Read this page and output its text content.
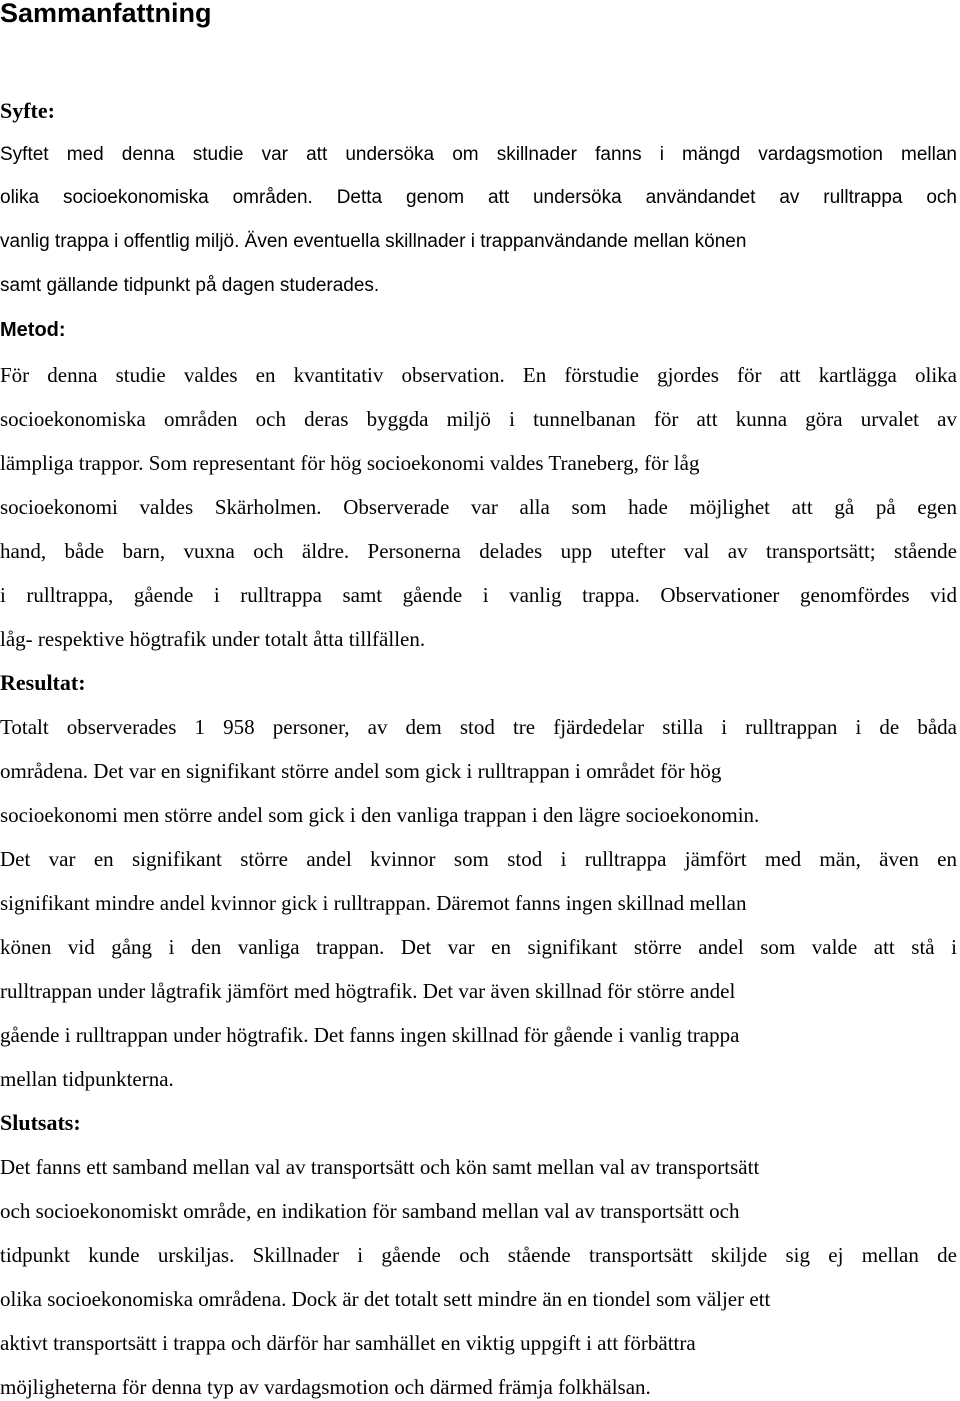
Sammanfattning
Syfte:

Syftet med denna studie var att undersöka om skillnader fanns i mängd vardagsmotion mellan

olika socioekonomiska områden. Detta genom att undersöka användandet av rulltrappa och

vanlig trappa i offentlig miljö. Även eventuella skillnader i trappanvändande mellan könen

samt gällande tidpunkt på dagen studerades.

Metod:

För denna studie valdes en kvantitativ observation. En förstudie gjordes för att kartlägga olika

socioekonomiska områden och deras byggda miljö i tunnelbanan för att kunna göra urvalet av

lämpliga trappor. Som representant för hög socioekonomi valdes Traneberg, för låg

socioekonomi valdes Skärholmen. Observerade var alla som hade möjlighet att gå på egen

hand, både barn, vuxna och äldre. Personerna delades upp utefter val av transportsätt; stående

i rulltrappa, gående i rulltrappa samt gående i vanlig trappa. Observationer genomfördes vid

låg- respektive högtrafik under totalt åtta tillfällen.

Resultat:

Totalt observerades 1 958 personer, av dem stod tre fjärdedelar stilla i rulltrappan i de båda

områdena. Det var en signifikant större andel som gick i rulltrappan i området för hög

socioekonomi men större andel som gick i den vanliga trappan i den lägre socioekonomin.

Det var en signifikant större andel kvinnor som stod i rulltrappa jämfört med män, även en

signifikant mindre andel kvinnor gick i rulltrappan. Däremot fanns ingen skillnad mellan

könen vid gång i den vanliga trappan. Det var en signifikant större andel som valde att stå i

rulltrappan under lågtrafik jämfört med högtrafik. Det var även skillnad för större andel

gående i rulltrappan under högtrafik. Det fanns ingen skillnad för gående i vanlig trappa

mellan tidpunkterna.

Slutsats:

Det fanns ett samband mellan val av transportsätt och kön samt mellan val av transportsätt

och socioekonomiskt område, en indikation för samband mellan val av transportsätt och

tidpunkt kunde urskiljas. Skillnader i gående och stående transportsätt skiljde sig ej mellan de

olika socioekonomiska områdena. Dock är det totalt sett mindre än en tiondel som väljer ett

aktivt transportsätt i trappa och därför har samhället en viktig uppgift i att förbättra

möjligheterna för denna typ av vardagsmotion och därmed främja folkhälsan.
